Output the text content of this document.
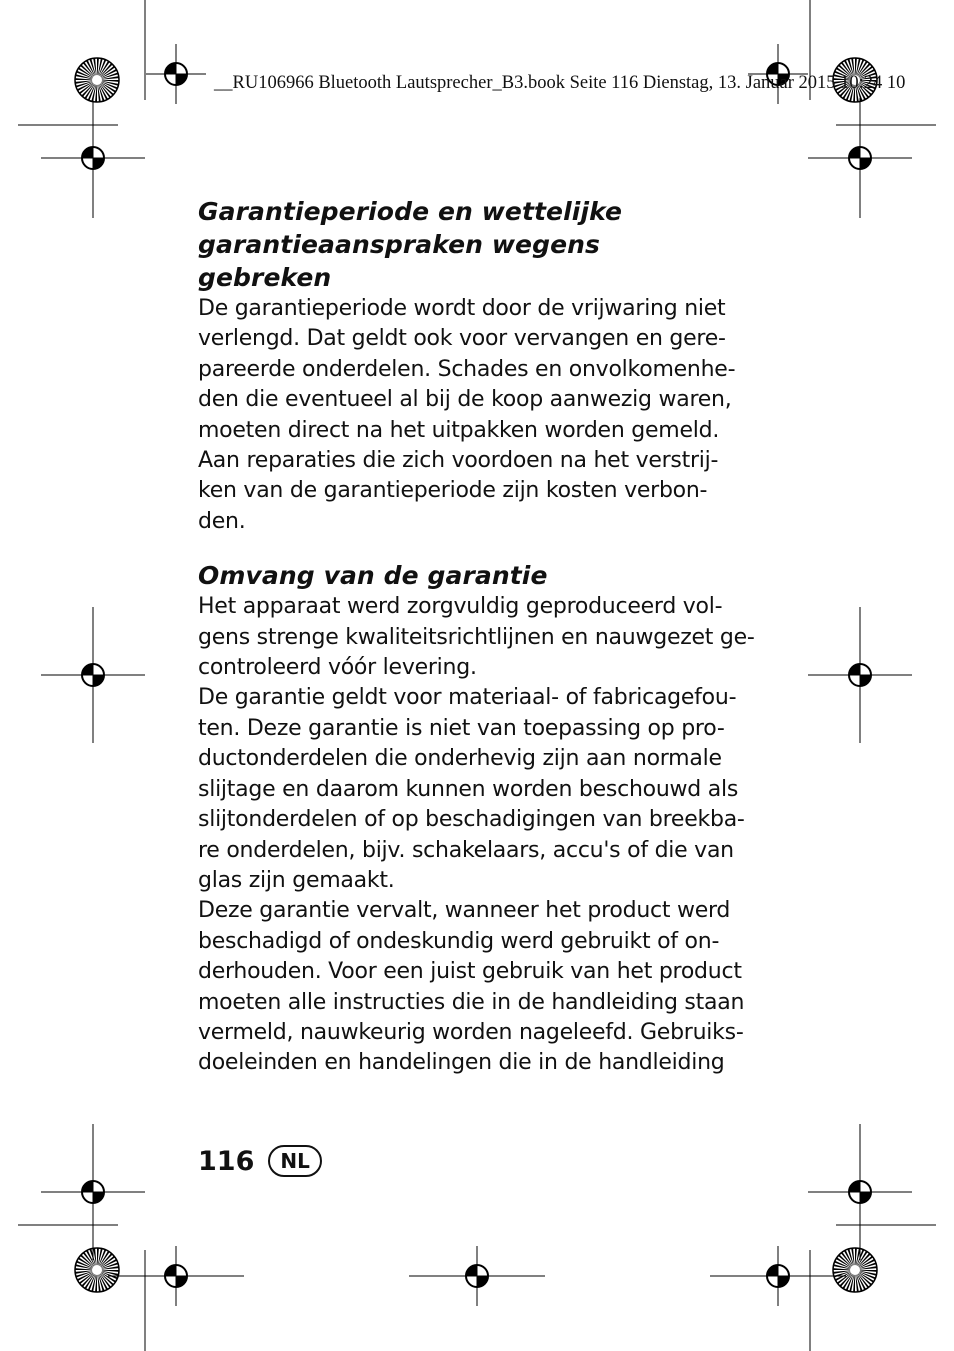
__RU106966 Bluetooth Lautsprecher_B3.book Seite 116 Dienstag, 13. Januar 2015 10:24 10
Garantieperiode en wettelijke
garantieaanspraken wegens
gebreken
De garantieperiode wordt door de vrijwaring niet
verlengd. Dat geldt ook voor vervangen en gere-
pareerde onderdelen. Schades en onvolkomenhe-
den die eventueel al bij de koop aanwezig waren,
moeten direct na het uitpakken worden gemeld.
Aan reparaties die zich voordoen na het verstrij-
ken van de garantieperiode zijn kosten verbon-
den.
Omvang van de garantie
Het apparaat werd zorgvuldig geproduceerd vol-
gens strenge kwaliteitsrichtlijnen en nauwgezet ge-
controleerd vóór levering.
De garantie geldt voor materiaal- of fabricagefou-
ten. Deze garantie is niet van toepassing op pro-
ductonderdelen die onderhevig zijn aan normale
slijtage en daarom kunnen worden beschouwd als
slijtonderdelen of op beschadigingen van breekba-
re onderdelen, bijv. schakelaars, accu's of die van
glas zijn gemaakt.
Deze garantie vervalt, wanneer het product werd
beschadigd of ondeskundig werd gebruikt of on-
derhouden. Voor een juist gebruik van het product
moeten alle instructies die in de handleiding staan
vermeld, nauwkeurig worden nageleefd. Gebruiks-
doeleinden en handelingen die in de handleiding
116	NL
